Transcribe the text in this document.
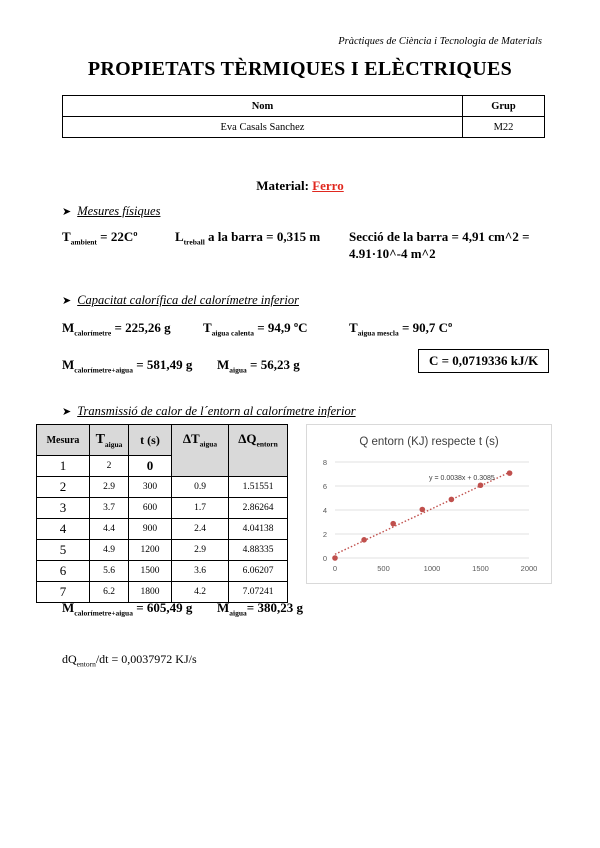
Pràctiques de Ciència i Tecnologia de Materials
PROPIETATS TÈRMIQUES I ELÈCTRIQUES
Nom	Grup
Eva Casals Sanchez	M22
Material: Ferro
➤ Mesures físiques
$T_{ambient}$ = 22Cº	$L_{treball}$ a la barra = 0,315 m Secció de la barra = 4,91 cm^2 =
4.91·10^-4 m^2
➤ Capacitat calorífica del calorímetre inferior
$M_{calorímetre} = 225,26$ g $T_{aigua calenta} = 94,9$ ºC	$T_{aigua mescla} = 90,7$ Cº
$M_{calorímetre+aigua} = 581,49$ g $M_{aigua} = 56,23$ g	C = 0,0719336 kJ/K
➤ Transmissió de calor de l´entorn al calorímetre inferior
Mesura	$T_{aigua}$	t (s)	$\Delta T_{aigua}$	$\Delta Q_{entorn}$
1	2	0		
2	2.9	300	0.9	1.51551
3	3.7	600	1.7	2.86264
4	4.4	900	2.4	4.04138
5	4.9	1200	2.9	4.88335
6	5.6	1500	3.6	6.06207
7	6.2	1800	4.2	7.07241
Q entorn (KJ) respecte t (s)
0
2
4
6
8
0	500	1000	1500	2000
y = 0.0038x + 0.3085
$M_{calorímetre+aigua} = 605,49$ g $M_{aigua}= 380,23$ g
$dQ_{entorn}/dt = 0,0037972$ KJ/s
